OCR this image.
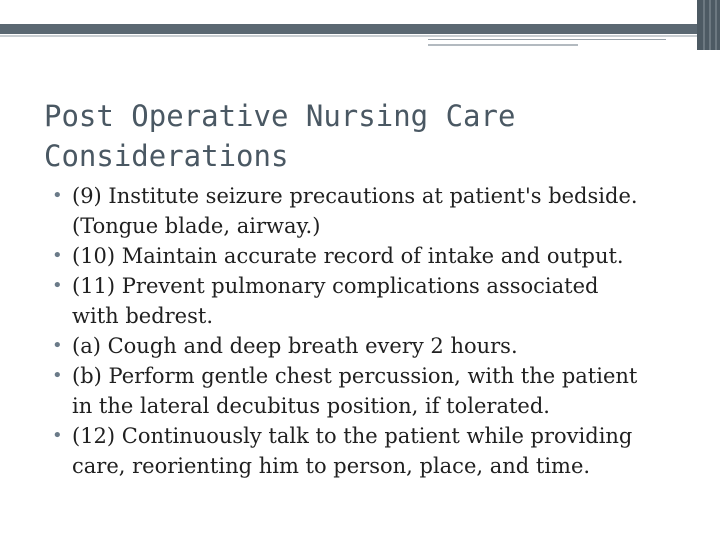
Post Operative Nursing Care
Considerations
• (9) Institute seizure precautions at patient's bedside.
(Tongue blade, airway.)
• (10) Maintain accurate record of intake and output.
• (11) Prevent pulmonary complications associated
with bedrest.
• (a) Cough and deep breath every 2 hours.
• (b) Perform gentle chest percussion, with the patient
in the lateral decubitus position, if tolerated.
• (12) Continuously talk to the patient while providing
care, reorienting him to person, place, and time.
